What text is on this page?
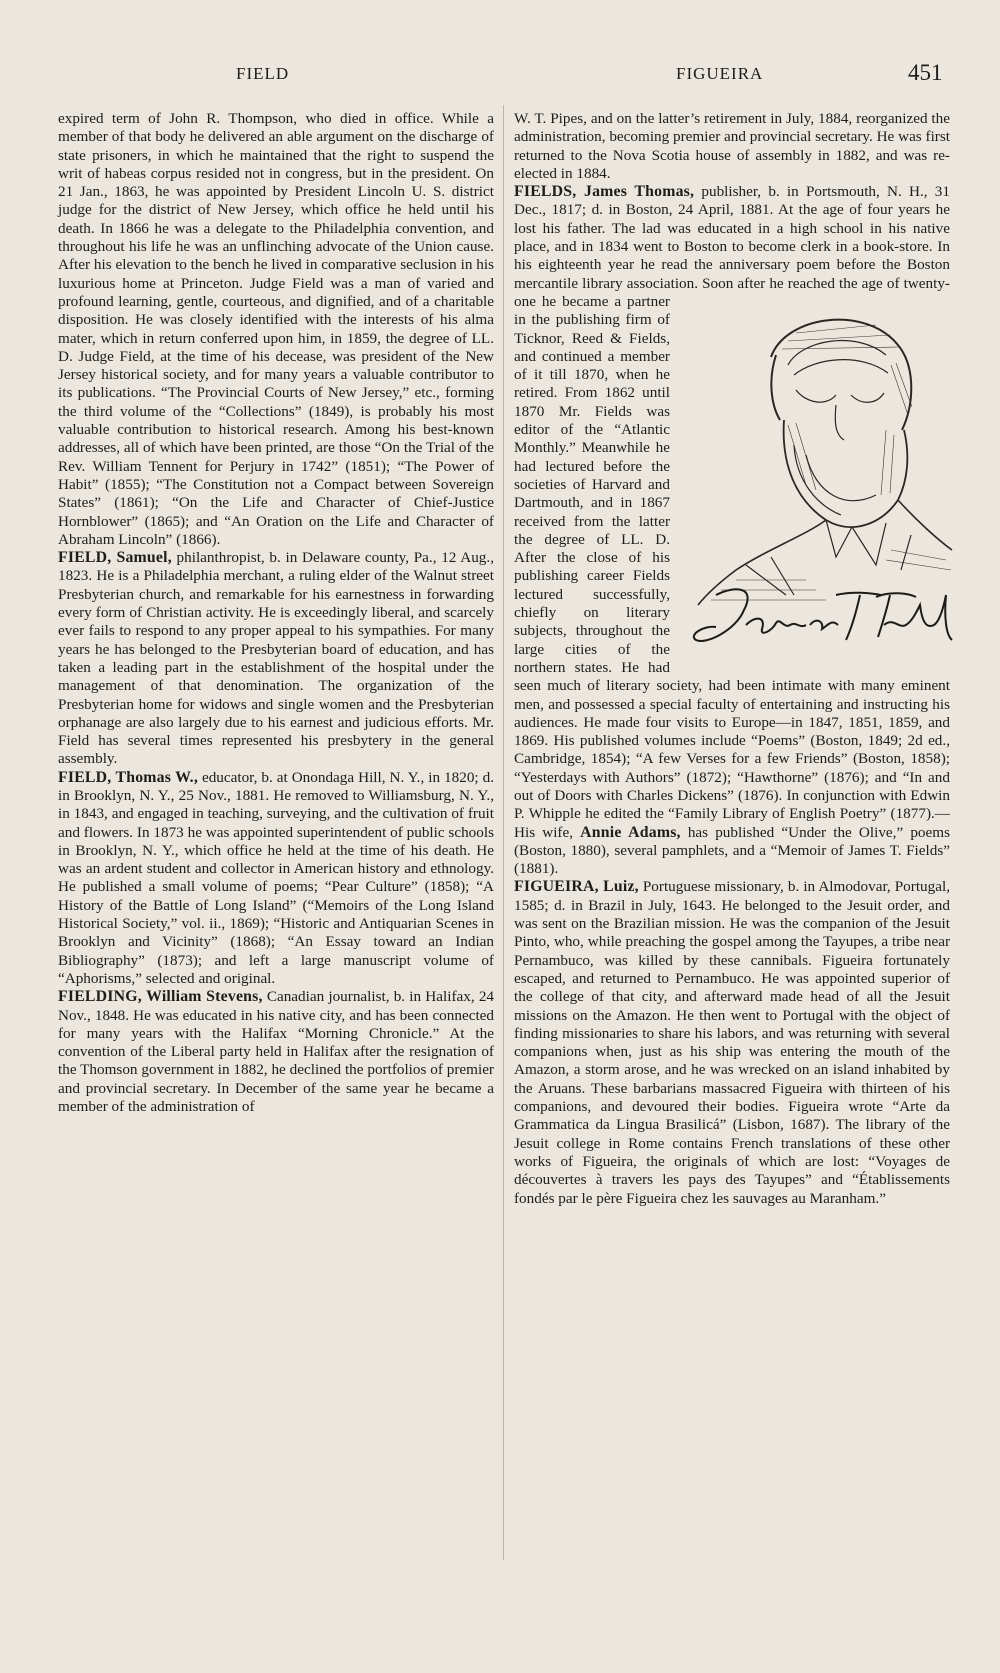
FIELD	FIGUEIRA	451

expired term of John R. Thompson, who died in office. While a member of that body he delivered an able argument on the discharge of state prisoners, in which he maintained that the right to suspend the writ of habeas corpus resided not in congress, but in the president. On 21 Jan., 1863, he was appointed by President Lincoln U. S. district judge for the district of New Jersey, which office he held until his death. In 1866 he was a delegate to the Philadelphia convention, and throughout his life he was an unflinching advocate of the Union cause. After his elevation to the bench he lived in comparative seclusion in his luxurious home at Princeton. Judge Field was a man of varied and profound learning, gentle, courteous, and dignified, and of a charitable disposition. He was closely identified with the interests of his alma mater, which in return conferred upon him, in 1859, the degree of LL. D. Judge Field, at the time of his decease, was president of the New Jersey historical society, and for many years a valuable contributor to its publications. “The Provincial Courts of New Jersey,” etc., forming the third volume of the “Collections” (1849), is probably his most valuable contribution to historical research. Among his best-known addresses, all of which have been printed, are those “On the Trial of the Rev. William Tennent for Perjury in 1742” (1851); “The Power of Habit” (1855); “The Constitution not a Compact between Sovereign States” (1861); “On the Life and Character of Chief-Justice Hornblower” (1865); and “An Oration on the Life and Character of Abraham Lincoln” (1866).

FIELD, Samuel, philanthropist, b. in Delaware county, Pa., 12 Aug., 1823. He is a Philadelphia merchant, a ruling elder of the Walnut street Presbyterian church, and remarkable for his earnestness in forwarding every form of Christian activity. He is exceedingly liberal, and scarcely ever fails to respond to any proper appeal to his sympathies. For many years he has belonged to the Presbyterian board of education, and has taken a leading part in the establishment of the hospital under the management of that denomination. The organization of the Presbyterian home for widows and single women and the Presbyterian orphanage are also largely due to his earnest and judicious efforts. Mr. Field has several times represented his presbytery in the general assembly.

FIELD, Thomas W., educator, b. at Onondaga Hill, N. Y., in 1820; d. in Brooklyn, N. Y., 25 Nov., 1881. He removed to Williamsburg, N. Y., in 1843, and engaged in teaching, surveying, and the cultivation of fruit and flowers. In 1873 he was appointed superintendent of public schools in Brooklyn, N. Y., which office he held at the time of his death. He was an ardent student and collector in American history and ethnology. He published a small volume of poems; “Pear Culture” (1858); “A History of the Battle of Long Island” (“Memoirs of the Long Island Historical Society,” vol. ii., 1869); “Historic and Antiquarian Scenes in Brooklyn and Vicinity” (1868); “An Essay toward an Indian Bibliography” (1873); and left a large manuscript volume of “Aphorisms,” selected and original.

FIELDING, William Stevens, Canadian journalist, b. in Halifax, 24 Nov., 1848. He was educated in his native city, and has been connected for many years with the Halifax “Morning Chronicle.” At the convention of the Liberal party held in Halifax after the resignation of the Thomson government in 1882, he declined the portfolios of premier and provincial secretary. In December of the same year he became a member of the administration of

W. T. Pipes, and on the latter’s retirement in July, 1884, reorganized the administration, becoming premier and provincial secretary. He was first returned to the Nova Scotia house of assembly in 1882, and was re-elected in 1884.

FIELDS, James Thomas, publisher, b. in Portsmouth, N. H., 31 Dec., 1817; d. in Boston, 24 April, 1881. At the age of four years he lost his father. The lad was educated in a high school in his native place, and in 1834 went to Boston to become clerk in a book-store. In his eighteenth year he read the anniversary poem before the Boston mercantile library association. Soon after he reached
the age of twenty-one he became a partner in the publishing firm of Ticknor, Reed & Fields, and continued a member of it till 1870, when he retired. From 1862 until 1870 Mr. Fields was editor of the “Atlantic Monthly.” Meanwhile he had lectured before the societies of Harvard and Dartmouth, and in 1867 received from the latter the degree of LL. D. After the close of his publishing career Fields lectured successfully, chiefly on literary subjects, throughout the large cities of the northern states. He had seen much of literary society, had been intimate with many eminent men, and possessed a special faculty of entertaining and instructing his audiences. He made four visits to Europe—in 1847, 1851, 1859, and 1869. His published volumes include “Poems” (Boston, 1849; 2d ed., Cambridge, 1854); “A few Verses for a few Friends” (Boston, 1858); “Yesterdays with Authors” (1872); “Hawthorne” (1876); and “In and out of Doors with Charles Dickens” (1876). In conjunction with Edwin P. Whipple he edited the “Family Library of English Poetry” (1877).—His wife, Annie Adams, has published “Under the Olive,” poems (Boston, 1880), several pamphlets, and a “Memoir of James T. Fields” (1881).

FIGUEIRA, Luiz, Portuguese missionary, b. in Almodovar, Portugal, 1585; d. in Brazil in July, 1643. He belonged to the Jesuit order, and was sent on the Brazilian mission. He was the companion of the Jesuit Pinto, who, while preaching the gospel among the Tayupes, a tribe near Pernambuco, was killed by these cannibals. Figueira fortunately escaped, and returned to Pernambuco. He was appointed superior of the college of that city, and afterward made head of all the Jesuit missions on the Amazon. He then went to Portugal with the object of finding missionaries to share his labors, and was returning with several companions when, just as his ship was entering the mouth of the Amazon, a storm arose, and he was wrecked on an island inhabited by the Aruans. These barbarians massacred Figueira with thirteen of his companions, and devoured their bodies. Figueira wrote “Arte da Grammatica da Lingua Brasilicá” (Lisbon, 1687). The library of the Jesuit college in Rome contains French translations of these other works of Figueira, the originals of which are lost: “Voyages de découvertes à travers les pays des Tayupes” and “Établissements fondés par le père Figueira chez les sauvages au Maranham.”
